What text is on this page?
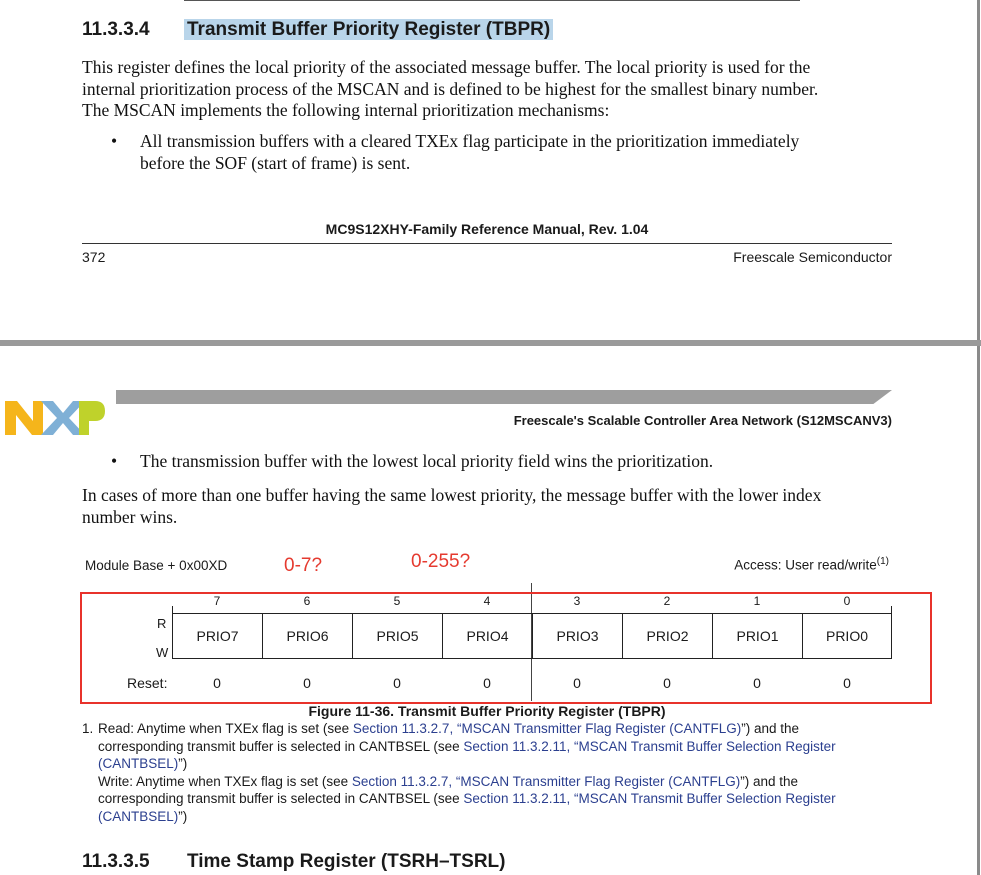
11.3.3.4 Transmit Buffer Priority Register (TBPR)
This register defines the local priority of the associated message buffer. The local priority is used for the
internal prioritization process of the MSCAN and is defined to be highest for the smallest binary number.
The MSCAN implements the following internal prioritization mechanisms:
• All transmission buffers with a cleared TXEx flag participate in the prioritization immediately
before the SOF (start of frame) is sent.
MC9S12XHY-Family Reference Manual, Rev. 1.04
372	Freescale Semiconductor
Freescale's Scalable Controller Area Network (S12MSCANV3)
• The transmission buffer with the lowest local priority field wins the prioritization.
In cases of more than one buffer having the same lowest priority, the message buffer with the lower index
number wins.
Module Base + 0x00XD	Access: User read/write$^{(1)}$
0-7?	0-255?
7	6	5	4	3	2	1	0
R
W
PRIO7	PRIO6	PRIO5	PRIO4	PRIO3	PRIO2	PRIO1	PRIO0
Reset:	0	0	0	0	0	0	0	0
Figure 11-36. Transmit Buffer Priority Register (TBPR)
1. Read: Anytime when TXEx flag is set (see Section 11.3.2.7, “MSCAN Transmitter Flag Register (CANTFLG)”) and the
corresponding transmit buffer is selected in CANTBSEL (see Section 11.3.2.11, “MSCAN Transmit Buffer Selection Register
(CANTBSEL)”)
Write: Anytime when TXEx flag is set (see Section 11.3.2.7, “MSCAN Transmitter Flag Register (CANTFLG)”) and the
corresponding transmit buffer is selected in CANTBSEL (see Section 11.3.2.11, “MSCAN Transmit Buffer Selection Register
(CANTBSEL)”)
11.3.3.5 Time Stamp Register (TSRH–TSRL)
